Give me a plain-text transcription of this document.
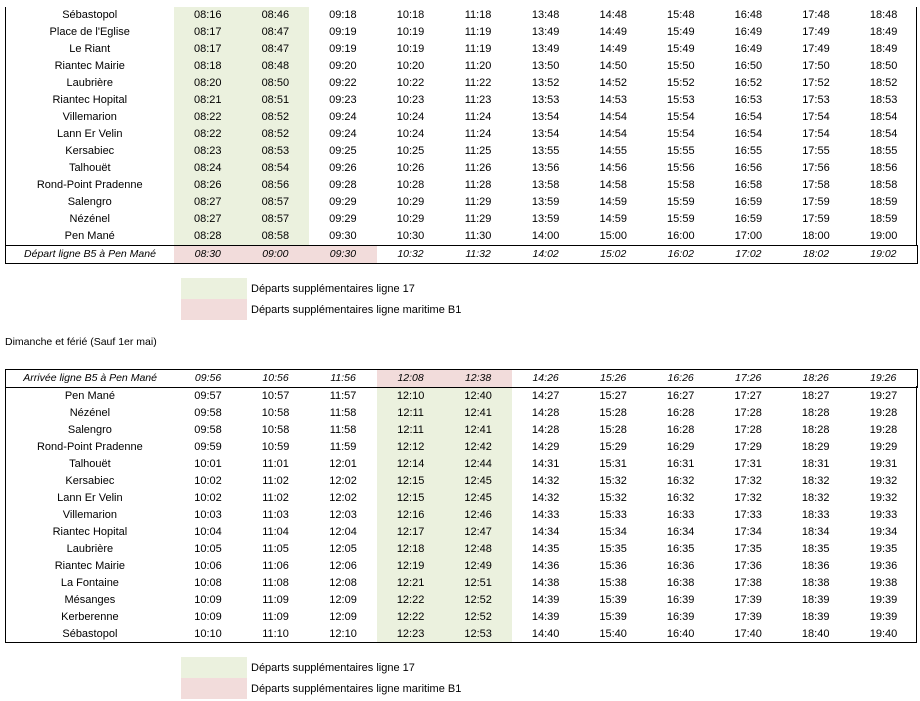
Sébastopol	08:16	08:46	09:18	10:18	11:18	13:48	14:48	15:48	16:48	17:48	18:48
Place de l'Eglise	08:17	08:47	09:19	10:19	11:19	13:49	14:49	15:49	16:49	17:49	18:49
Le Riant	08:17	08:47	09:19	10:19	11:19	13:49	14:49	15:49	16:49	17:49	18:49
Riantec Mairie	08:18	08:48	09:20	10:20	11:20	13:50	14:50	15:50	16:50	17:50	18:50
Laubrière	08:20	08:50	09:22	10:22	11:22	13:52	14:52	15:52	16:52	17:52	18:52
Riantec Hopital	08:21	08:51	09:23	10:23	11:23	13:53	14:53	15:53	16:53	17:53	18:53
Villemarion	08:22	08:52	09:24	10:24	11:24	13:54	14:54	15:54	16:54	17:54	18:54
Lann Er Velin	08:22	08:52	09:24	10:24	11:24	13:54	14:54	15:54	16:54	17:54	18:54
Kersabiec	08:23	08:53	09:25	10:25	11:25	13:55	14:55	15:55	16:55	17:55	18:55
Talhouët	08:24	08:54	09:26	10:26	11:26	13:56	14:56	15:56	16:56	17:56	18:56
Rond-Point Pradenne	08:26	08:56	09:28	10:28	11:28	13:58	14:58	15:58	16:58	17:58	18:58
Salengro	08:27	08:57	09:29	10:29	11:29	13:59	14:59	15:59	16:59	17:59	18:59
Nézénel	08:27	08:57	09:29	10:29	11:29	13:59	14:59	15:59	16:59	17:59	18:59
Pen Mané	08:28	08:58	09:30	10:30	11:30	14:00	15:00	16:00	17:00	18:00	19:00
Départ ligne B5 à Pen Mané	08:30	09:00	09:30	10:32	11:32	14:02	15:02	16:02	17:02	18:02	19:02
Départs supplémentaires ligne 17
Départs supplémentaires ligne maritime B1
Dimanche et férié (Sauf 1er mai)
Arrivée ligne B5 à Pen Mané	09:56	10:56	11:56	12:08	12:38	14:26	15:26	16:26	17:26	18:26	19:26
Pen Mané	09:57	10:57	11:57	12:10	12:40	14:27	15:27	16:27	17:27	18:27	19:27
Nézénel	09:58	10:58	11:58	12:11	12:41	14:28	15:28	16:28	17:28	18:28	19:28
Salengro	09:58	10:58	11:58	12:11	12:41	14:28	15:28	16:28	17:28	18:28	19:28
Rond-Point Pradenne	09:59	10:59	11:59	12:12	12:42	14:29	15:29	16:29	17:29	18:29	19:29
Talhouët	10:01	11:01	12:01	12:14	12:44	14:31	15:31	16:31	17:31	18:31	19:31
Kersabiec	10:02	11:02	12:02	12:15	12:45	14:32	15:32	16:32	17:32	18:32	19:32
Lann Er Velin	10:02	11:02	12:02	12:15	12:45	14:32	15:32	16:32	17:32	18:32	19:32
Villemarion	10:03	11:03	12:03	12:16	12:46	14:33	15:33	16:33	17:33	18:33	19:33
Riantec Hopital	10:04	11:04	12:04	12:17	12:47	14:34	15:34	16:34	17:34	18:34	19:34
Laubrière	10:05	11:05	12:05	12:18	12:48	14:35	15:35	16:35	17:35	18:35	19:35
Riantec Mairie	10:06	11:06	12:06	12:19	12:49	14:36	15:36	16:36	17:36	18:36	19:36
La Fontaine	10:08	11:08	12:08	12:21	12:51	14:38	15:38	16:38	17:38	18:38	19:38
Mésanges	10:09	11:09	12:09	12:22	12:52	14:39	15:39	16:39	17:39	18:39	19:39
Kerberenne	10:09	11:09	12:09	12:22	12:52	14:39	15:39	16:39	17:39	18:39	19:39
Sébastopol	10:10	11:10	12:10	12:23	12:53	14:40	15:40	16:40	17:40	18:40	19:40
Départs supplémentaires ligne 17
Départs supplémentaires ligne maritime B1
